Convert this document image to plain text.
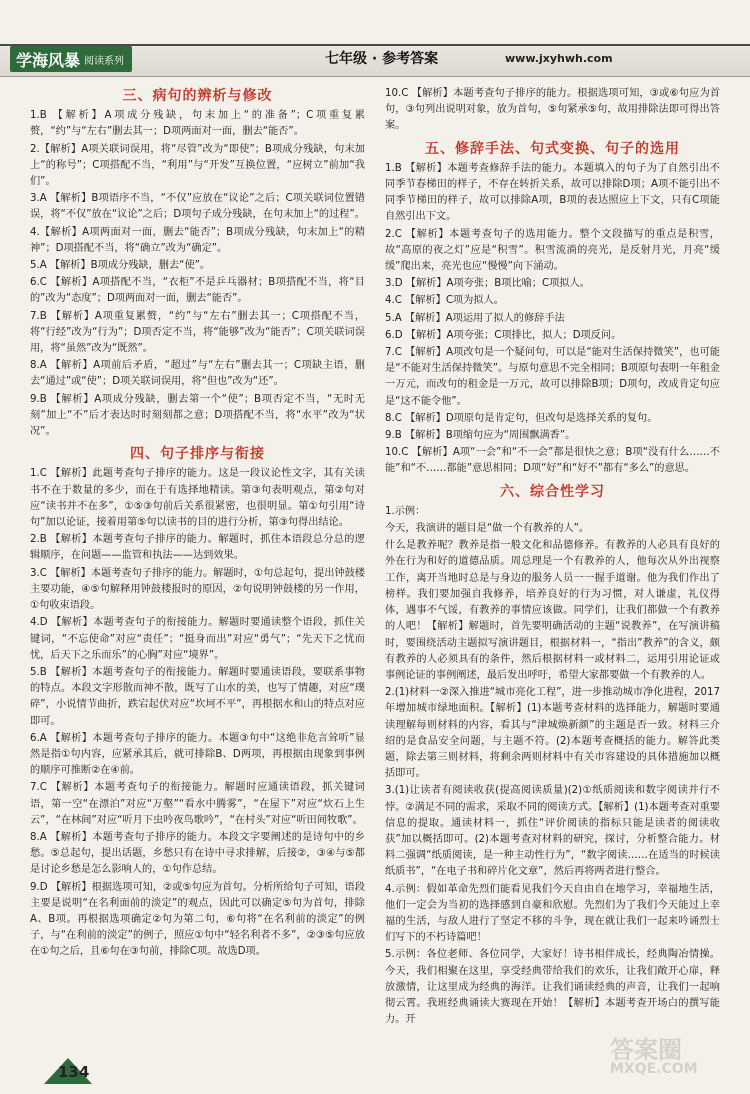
学海风暴 阅读系列	七年级 · 参考答案	www.jxyhwh.com
三、病句的辨析与修改
1.B 【解析】A项成分残缺，句末加上“的准备”；C项重复累赘，“约”与“左右”删去其一；D项两面对一面，删去“能否”。
2.【解析】A项关联词误用，将“尽管”改为“即使”；B项成分残缺，句末加上“的称号”；C项搭配不当，“利用”与“开发”互换位置，“应树立”前加“我们”。
3.A 【解析】B项语序不当，“不仅”应放在“议论”之后；C项关联词位置错误，将“不仅”放在“议论”之后；D项句子成分残缺，在句末加上“的过程”。
4.【解析】A项两面对一面，删去“能否”；B项成分残缺，句末加上“的精神”；D项搭配不当，将“确立”改为“确定”。
5.A 【解析】B项成分残缺，删去“使”。
6.C 【解析】A项搭配不当，“衣柜”不是乒乓器材；B项搭配不当，将“目的”改为“态度”；D项两面对一面，删去“能否”。
7.B 【解析】A项重复累赘，“约”与“左右”删去其一；C项搭配不当，将“行经”改为“行为”；D项否定不当，将“能够”改为“能否”；C项关联词误用，将“虽然”改为“既然”。
8.A 【解析】A项前后矛盾，“超过”与“左右”删去其一；C项缺主语，删去“通过”或“使”；D项关联词误用，将“但也”改为“还”。
9.B 【解析】A项成分残缺，删去第一个“使”；B项否定不当，“无时无刻”加上“不”后才表达时时刻刻都之意；D项搭配不当，将“水平”改为“状况”。
四、句子排序与衔接
1.C 【解析】此题考查句子排序的能力。这是一段议论性文字，其有关读书不在于数量的多少，而在于有选择地精读。第③句表明观点，第②句对应“读书并不在多”，①⑤③句前后关系很紧密，也很明显。第①句引用“诗句”加以论证，接着用第⑤句以读书的目的进行分析，第③句得出结论。
2.B 【解析】本题考查句子排序的能力。解题时，抓住本语段总分总的逻辑顺序，在问题——监管和执法——达到效果。
3.C 【解析】本题考查句子排序的能力。解题时，①句总起句，提出钟鼓楼主要功能，④⑤句解释用钟鼓楼报时的原因，②句说明钟鼓楼的另一作用，①句收束语段。
4.D 【解析】本题考查句子的衔接能力。解题时要通读整个语段，抓住关键词，“不忘使命”对应“责任”；“挺身而出”对应“勇气”；“先天下之忧而忧，后天下之乐而乐”的心胸”对应“境界”。
5.B 【解析】本题考查句子的衔接能力。解题时要通读语段，要联系事物的特点。本段文字形散而神不散，既写了山水的美，也写了情趣，对应“璞碎”，小说情节曲折，跌宕起伏对应“坎坷不平”，再根据水和山的特点对应即可。
6.A 【解析】本题考查句子排序的能力。本题③句中“这绝非危言耸听”显然是指①句内容，应紧承其后，就可排除B、D两项，再根据由现象到事例的顺序可推断②在④前。
7.C 【解析】本题考查句子的衔接能力。解题时应通读语段，抓关键词语，第一空“在漂泊”对应“万壑”“看水中腾雾”，“在屋下”对应“炊石上生云”，“在林间”对应“听月下虫吟夜鸟歌吟”，“在村头”对应“听田间牧歌”。
8.A 【解析】本题考查句子排序的能力。本段文字要阐述的是诗句中的乡愁。⑤总起句，提出话题，乡愁只有在诗中寻求排解，后接②，③④与⑤都是讨论乡愁是怎么影响人的，①句作总结。
9.D 【解析】根据选项可知，②或⑤句应为首句。分析所给句子可知，语段主要是说明“在名利面前的淡定”的观点，因此可以确定⑤句为首句，排除A、B项。再根据选项确定②句为第二句，⑥句将“在名利前的淡定”的例子，与“在利前的淡定”的例子，照应①句中“轻名利者不多”，②③⑤句应放在①句之后，且⑥句在③句前，排除C项。故选D项。
10.C 【解析】本题考查句子排序的能力。根据选项可知，③或⑥句应为首句，③句列出说明对象，放为首句，⑤句紧承⑤句，故用排除法即可得出答案。
五、修辞手法、句式变换、句子的选用
1.B 【解析】本题考查修辞手法的能力。本题填入的句子为了自然引出不同季节春梯田的样子，不存在转折关系，故可以排除D项；A项不能引出不同季节梯田的样子，故可以排除A项，B项的表达照应上下文，只有C项能自然引出下文。
2.C 【解析】本题考查句子的选用能力。整个文段描写的重点是积雪，故“高原的夜之灯”应是“积雪”。积雪流淌的亮光，是反射月光，月亮“缓缓”爬出来，亮光也应“慢慢”向下涌动。
3.D 【解析】A项夸张；B项比喻；C项拟人。
4.C 【解析】C项为拟人。
5.A 【解析】A项运用了拟人的修辞手法
6.D 【解析】A项夸张；C项排比，拟人；D项反问。
7.C 【解析】A项改句是一个疑问句，可以是“能对生活保持微笑”，也可能是“不能对生活保持微笑”。与原句意思不完全相同；B项原句表明一年租金一万元，而改句的租金是一万元，故可以排除B项；D项句，改成肯定句应是“这不能令他”。
8.C 【解析】D项原句是肯定句，但改句是选择关系的复句。
9.B 【解析】B项缩句应为“周围飘满香”。
10.C 【解析】A项“一会”和“不一会”都是很快之意；B项“没有什么……不能”和“不……都能”意思相同；D项“好”和“好不”都有“多么”的意思。
六、综合性学习
1.示例：
今天，我演讲的题目是“做一个有教养的人”。
什么是教养呢？教养是指一般文化和品德修养。有教养的人必具有良好的外在行为和好的道德品质。周总理是一个有教养的人，他每次从外出视察工作，离开当地时总是与身边的服务人员一一握手道谢。他为我们作出了榜样。我们要加强自我修养，培养良好的行为习惯，对人谦虚，礼仪得体，遇事不气馁，有教养的事情应该做。同学们，让我们都做一个有教养的人吧！【解析】解题时，首先要明确活动的主题“说教养”，在写演讲稿时，要围绕活动主题拟写演讲题目，根据材料一，“指出”教养”的含义，颇有教养的人必须具有的条件，然后根据材料一或材料二，运用引用论证或事例论证的事例阐述，最后发出呼吁，希望大家都要做一个有教养的人。
2.(1)材料一②深入推进“城市亮化工程”，进一步推动城市净化进程，2017年增加城市绿地面积。【解析】(1)本题考查材料的选择能力，解题时要通读理解每则材料的内容，看其与“津城焕新颜”的主题是否一致。材料三介绍的是食品安全问题，与主题不符。(2)本题考查概括的能力。解答此类题，除去第三则材料，将剩余两则材料中有关市容建设的具体措施加以概括即可。
3.(1)让读者有阅读收获(提高阅读质量)(2)①纸质阅读和数字阅读并行不悖。②满足不同的需求，采取不同的阅读方式。【解析】(1)本题考查对重要信息的提取。通读材料一，抓住“评价阅读的指标只能是读者的阅读收获”加以概括即可。(2)本题考查对材料的研究，探讨，分析整合能力。材料二强调“纸质阅读，是一种主动性行为”，“数字阅读……在适当的时候读纸质书”，“在电子书和碎片化文章”，然后再将两者进行整合。
4.示例：假如革命先烈们能看见我们今天自由自在地学习，幸福地生活，他们一定会为当初的选择感到自豪和欣慰。先烈们为了我们今天能过上幸福的生活，与敌人进行了坚定不移的斗争，现在就让我们一起来吟诵烈士们写下的不朽诗篇吧！
5.示例：各位老师、各位同学，大家好！诗书相伴成长，经典陶冶情操。今天，我们相聚在这里，享受经典带给我们的欢乐，让我们敞开心扉，释放激情，让这里成为经典的海洋。让我们诵读经典的声音，让我们一起响彻云霄。我班经典诵读大赛现在开始！【解析】本题考查开场白的撰写能力。开
134
答案圈
MXQE.COM
